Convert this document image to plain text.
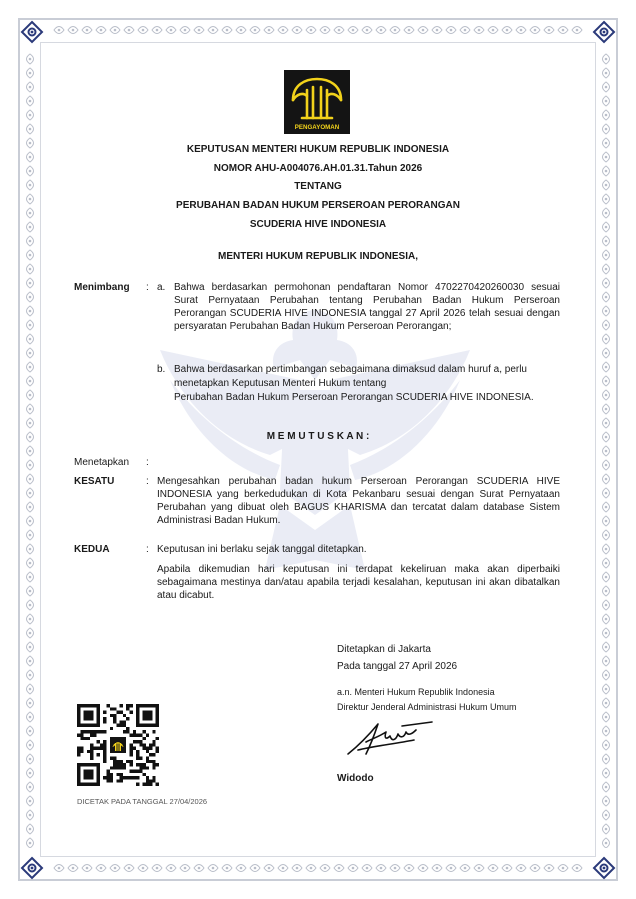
PENGAYOMAN
KEPUTUSAN MENTERI HUKUM REPUBLIK INDONESIA
NOMOR AHU-A004076.AH.01.31.Tahun 2026
TENTANG
PERUBAHAN BADAN HUKUM PERSEROAN PERORANGAN
SCUDERIA HIVE INDONESIA
MENTERI HUKUM REPUBLIK INDONESIA,
Menimbang : a. Bahwa berdasarkan permohonan pendaftaran Nomor 4702270420260030 sesuai Surat Pernyataan Perubahan tentang Perubahan Badan Hukum Perseroan Perorangan SCUDERIA HIVE INDONESIA tanggal 27 April 2026 telah sesuai dengan persyaratan Perubahan Badan Hukum Perseroan Perorangan;
b. Bahwa berdasarkan pertimbangan sebagaimana dimaksud dalam huruf a, perlu
menetapkan Keputusan Menteri Hukum tentang
Perubahan Badan Hukum Perseroan Perorangan SCUDERIA HIVE INDONESIA.
M E M U T U S K A N :
Menetapkan :
KESATU	: Mengesahkan perubahan badan hukum Perseroan Perorangan SCUDERIA HIVE INDONESIA yang berkedudukan di Kota Pekanbaru sesuai dengan Surat Pernyataan Perubahan yang dibuat oleh BAGUS KHARISMA dan tercatat dalam database Sistem Administrasi Badan Hukum.
KEDUA	: Keputusan ini berlaku sejak tanggal ditetapkan.
Apabila dikemudian hari keputusan ini terdapat kekeliruan maka akan diperbaiki sebagaimana mestinya dan/atau apabila terjadi kesalahan, keputusan ini akan dibatalkan atau dicabut.
Ditetapkan di Jakarta
Pada tanggal 27 April 2026
a.n. Menteri Hukum Republik Indonesia
Direktur Jenderal Administrasi Hukum Umum
Widodo
DICETAK PADA TANGGAL 27/04/2026
